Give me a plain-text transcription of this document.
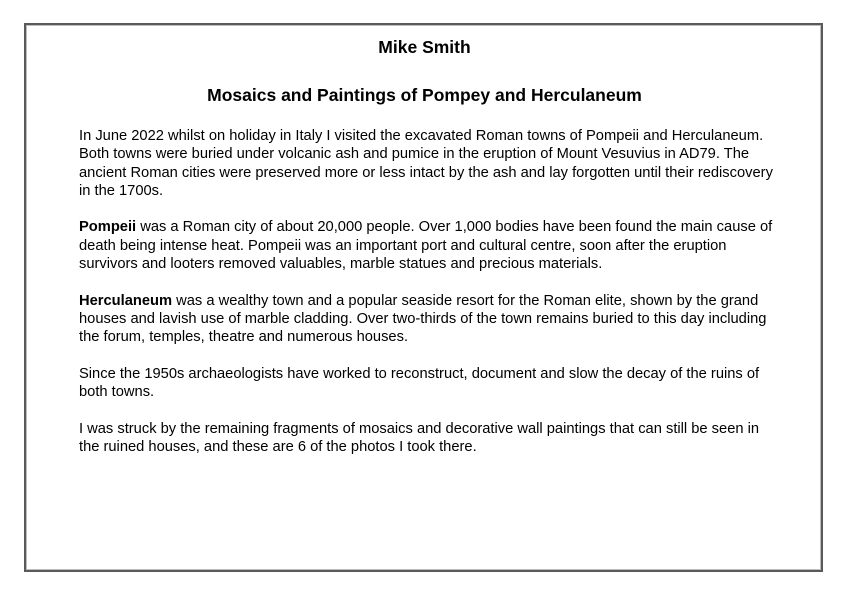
Mike Smith
Mosaics and Paintings of Pompey and Herculaneum

In June 2022 whilst on holiday in Italy I visited the excavated Roman towns of Pompeii and Herculaneum. Both towns were buried under volcanic ash and pumice in the eruption of Mount Vesuvius in AD79. The ancient Roman cities were preserved more or less intact by the ash and lay forgotten until their rediscovery in the 1700s.

Pompeii was a Roman city of about 20,000 people. Over 1,000 bodies have been found the main cause of death being intense heat. Pompeii was an important port and cultural centre, soon after the eruption survivors and looters removed valuables, marble statues and precious materials.

Herculaneum was a wealthy town and a popular seaside resort for the Roman elite, shown by the grand houses and lavish use of marble cladding. Over two-thirds of the town remains buried to this day including the forum, temples, theatre and numerous houses.

Since the 1950s archaeologists have worked to reconstruct, document and slow the decay of the ruins of both towns.

I was struck by the remaining fragments of mosaics and decorative wall paintings that can still be seen in the ruined houses, and these are 6 of the photos I took there.
